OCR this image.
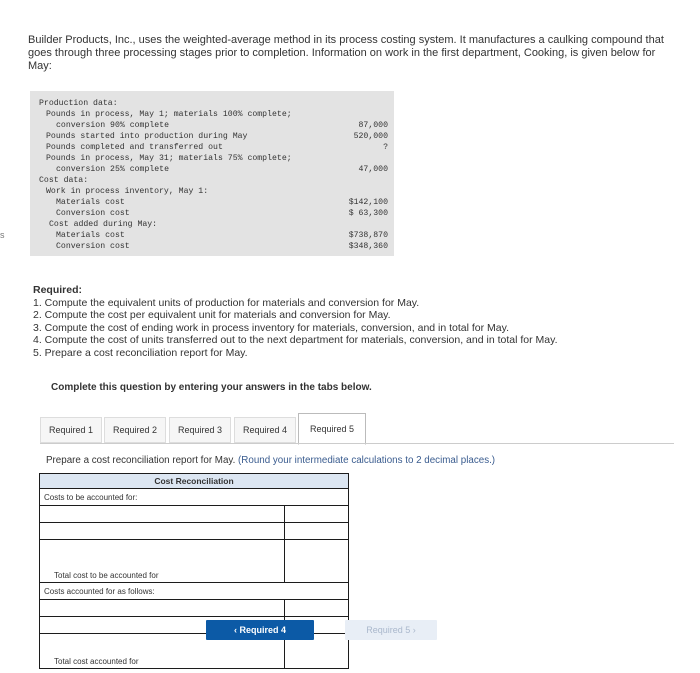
s
Builder Products, Inc., uses the weighted-average method in its process costing system. It manufactures a caulking compound that goes through three processing stages prior to completion. Information on work in the first department, Cooking, is given below for May:
Production data:
Pounds in process, May 1; materials 100% complete;
conversion 90% complete	87,000
Pounds started into production during May	520,000
Pounds completed and transferred out	?
Pounds in process, May 31; materials 75% complete;
conversion 25% complete	47,000
Cost data:
Work in process inventory, May 1:
Materials cost	$142,100
Conversion cost	$ 63,300
Cost added during May:
Materials cost	$738,870
Conversion cost	$348,360
Required:
1. Compute the equivalent units of production for materials and conversion for May.
2. Compute the cost per equivalent unit for materials and conversion for May.
3. Compute the cost of ending work in process inventory for materials, conversion, and in total for May.
4. Compute the cost of units transferred out to the next department for materials, conversion, and in total for May.
5. Prepare a cost reconciliation report for May.
Complete this question by entering your answers in the tabs below.
Required 1	Required 2	Required 3	Required 4	Required 5
Prepare a cost reconciliation report for May. (Round your intermediate calculations to 2 decimal places.)
Cost Reconciliation	
Costs to be accounted for:	

Total cost to be accounted for	
Costs accounted for as follows:	

Total cost accounted for	
‹ Required 4	Required 5 ›
